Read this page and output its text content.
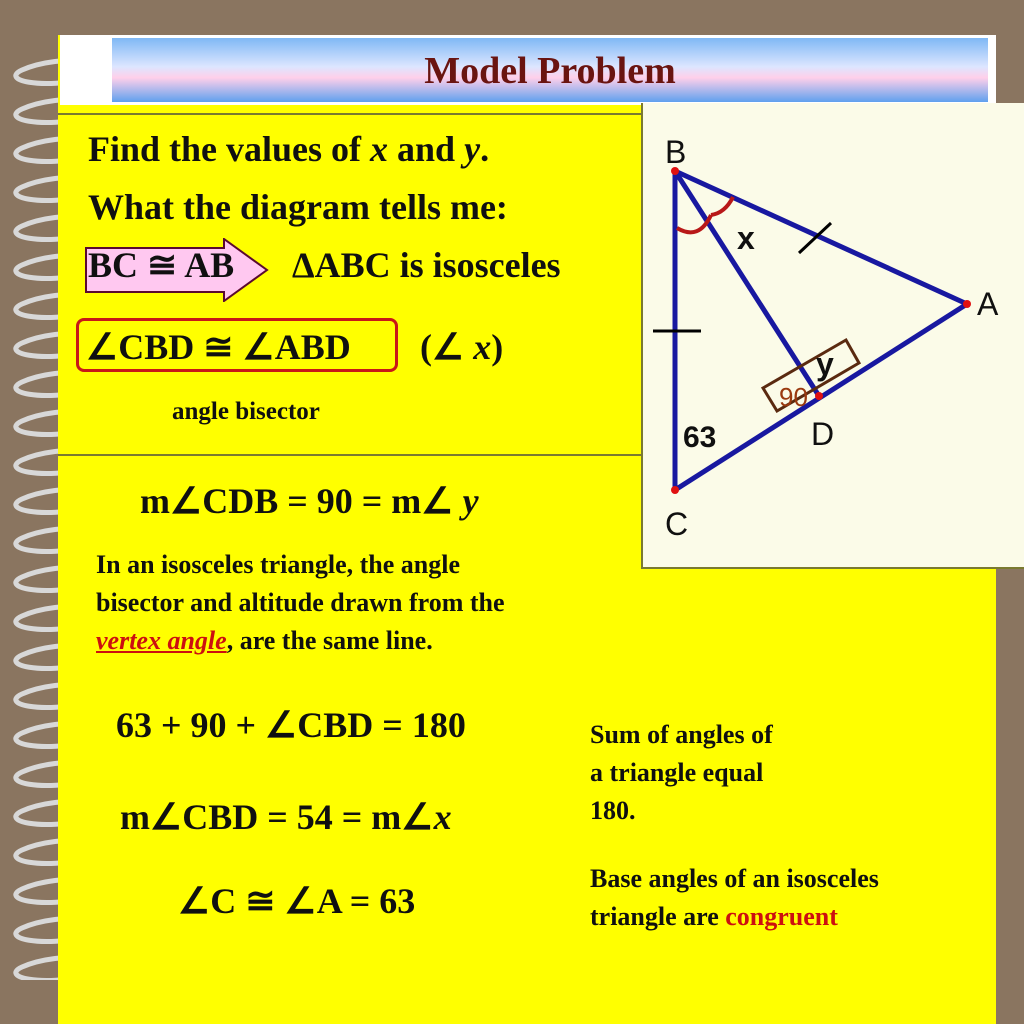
Model Problem
Find the values of x and y.
What the diagram tells me:
BC ≅ AB ΔABC is isosceles
∠CBD ≅ ∠ABD (∠ x)
angle bisector
m∠CDB = 90 = m∠ y
In an isosceles triangle, the angle
bisector and altitude drawn from the
vertex angle, are the same line.
63 + 90 + ∠CBD = 180
m∠CBD = 54 = m∠x
∠C ≅ ∠A = 63
Sum of angles of
a triangle equal
180.
Base angles of an isosceles
triangle are congruent
B
A
C
D
x
y
90
63
